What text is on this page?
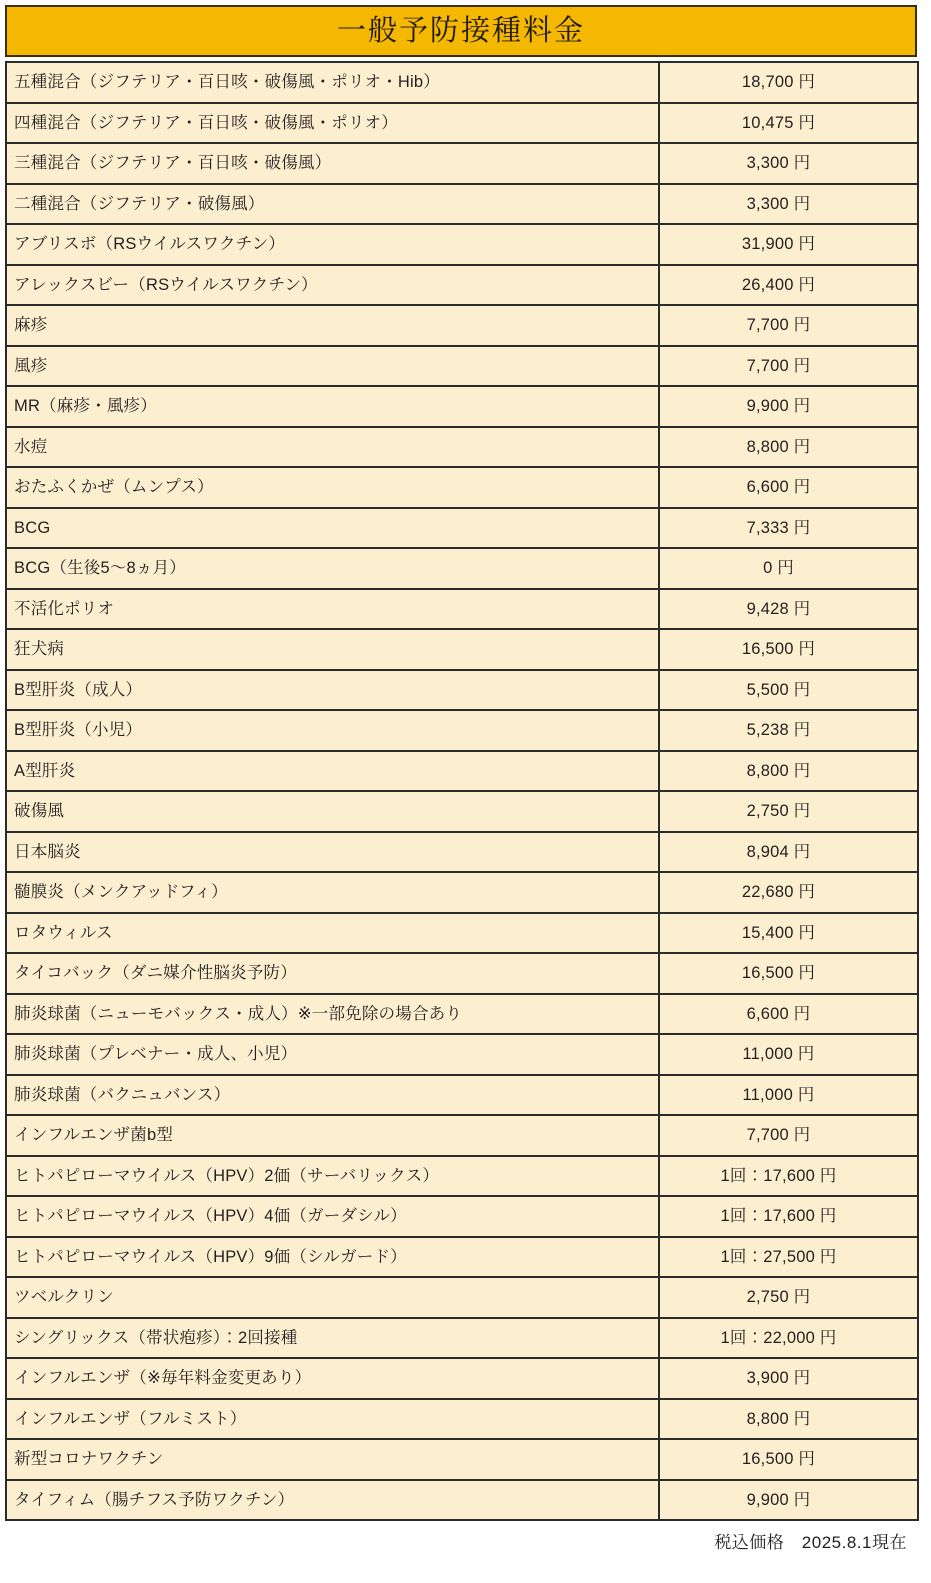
一般予防接種料金
五種混合（ジフテリア・百日咳・破傷風・ポリオ・Hib）	18,700 円
四種混合（ジフテリア・百日咳・破傷風・ポリオ）	10,475 円
三種混合（ジフテリア・百日咳・破傷風）	3,300 円
二種混合（ジフテリア・破傷風）	3,300 円
アブリスボ（RSウイルスワクチン）	31,900 円
アレックスビー（RSウイルスワクチン）	26,400 円
麻疹	7,700 円
風疹	7,700 円
MR（麻疹・風疹）	9,900 円
水痘	8,800 円
おたふくかぜ（ムンプス）	6,600 円
BCG	7,333 円
BCG（生後5〜8ヵ月）	0 円
不活化ポリオ	9,428 円
狂犬病	16,500 円
B型肝炎（成人）	5,500 円
B型肝炎（小児）	5,238 円
A型肝炎	8,800 円
破傷風	2,750 円
日本脳炎	8,904 円
髄膜炎（メンクアッドフィ）	22,680 円
ロタウィルス	15,400 円
タイコバック（ダニ媒介性脳炎予防）	16,500 円
肺炎球菌（ニューモバックス・成人）※一部免除の場合あり	6,600 円
肺炎球菌（プレベナー・成人、小児）	11,000 円
肺炎球菌（バクニュバンス）	11,000 円
インフルエンザ菌b型	7,700 円
ヒトパピローマウイルス（HPV）2価（サーバリックス）	1回：17,600 円
ヒトパピローマウイルス（HPV）4価（ガーダシル）	1回：17,600 円
ヒトパピローマウイルス（HPV）9価（シルガード）	1回：27,500 円
ツベルクリン	2,750 円
シングリックス（帯状疱疹）：2回接種	1回：22,000 円
インフルエンザ（※毎年料金変更あり）	3,900 円
インフルエンザ（フルミスト）	8,800 円
新型コロナワクチン	16,500 円
タイフィム（腸チフス予防ワクチン）	9,900 円
税込価格　2025.8.1現在
